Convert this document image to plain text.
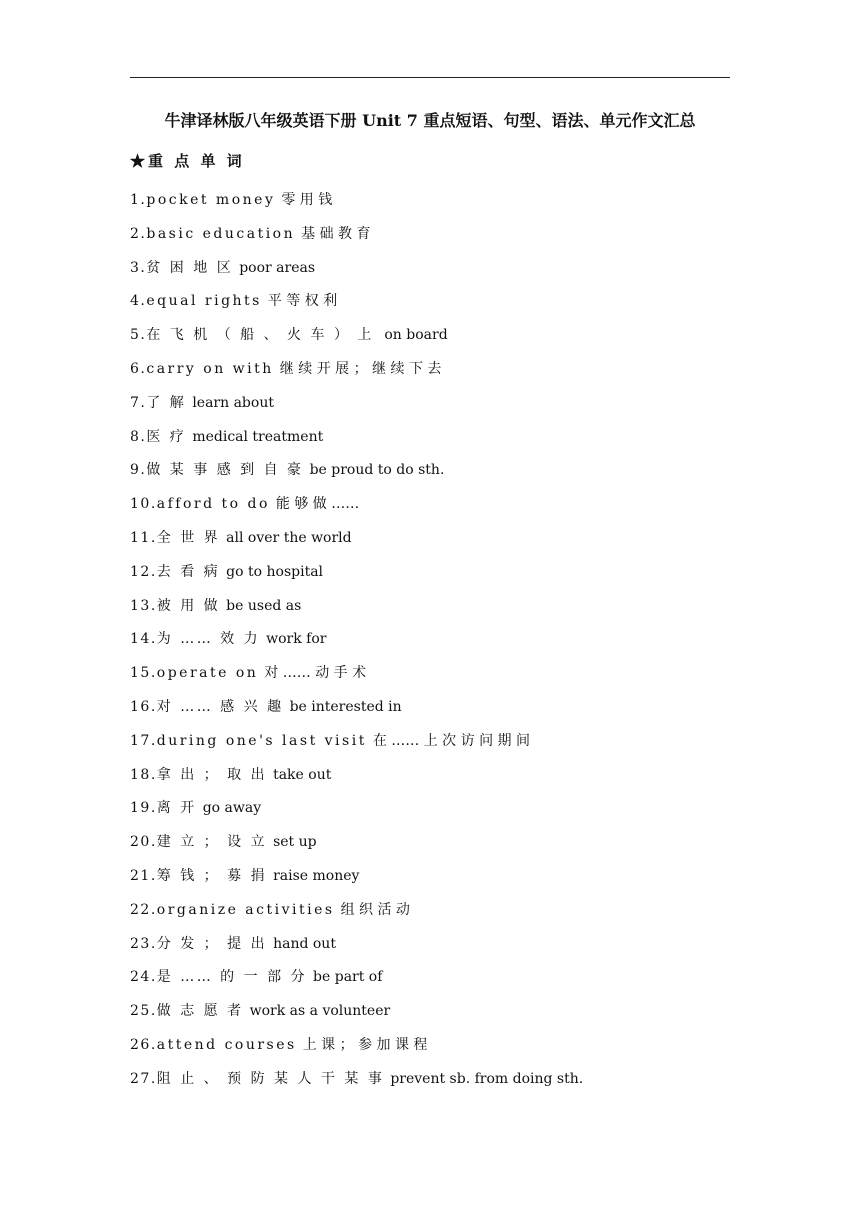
牛津译林版八年级英语下册 Unit 7 重点短语、句型、语法、单元作文汇总
★重 点 单 词
1.pocket money 零 用 钱
2.basic education 基 础 教 育
3.贫 困 地 区 poor areas
4.equal rights 平 等 权 利
5.在 飞 机 （ 船 、 火 车 ） 上 on board
6.carry on with 继 续 开 展 ； 继 续 下 去
7.了 解 learn about
8.医 疗 medical treatment
9.做 某 事 感 到 自 豪 be proud to do sth.
10.afford to do 能 够 做 ……
11.全 世 界 all over the world
12.去 看 病 go to hospital
13.被 用 做 be used as
14.为 …… 效 力 work for
15.operate on 对 …… 动 手 术
16.对 …… 感 兴 趣 be interested in
17.during one's last visit 在 …… 上 次 访 问 期 间
18.拿 出 ； 取 出 take out
19.离 开 go away
20.建 立 ； 设 立 set up
21.筹 钱 ； 募 捐 raise money
22.organize activities 组 织 活 动
23.分 发 ； 提 出 hand out
24.是 …… 的 一 部 分 be part of
25.做 志 愿 者 work as a volunteer
26.attend courses 上 课 ； 参 加 课 程
27.阻 止 、 预 防 某 人 干 某 事 prevent sb. from doing sth.
